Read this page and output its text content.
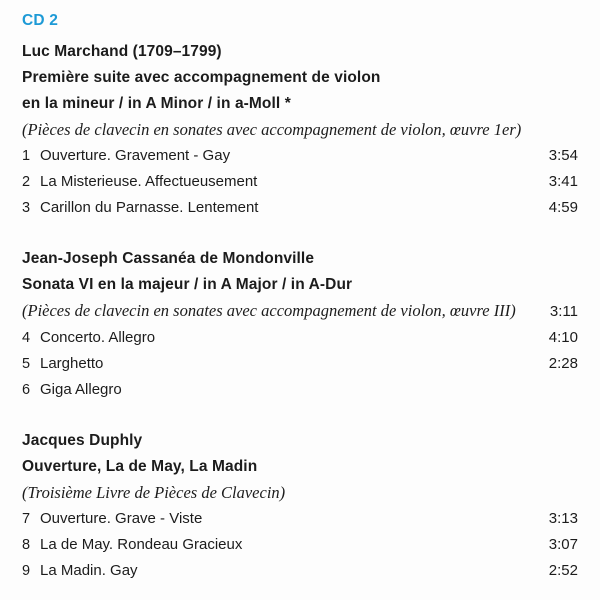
CD 2

Luc Marchand (1709–1799)

Première suite avec accompagnement de violon

en la mineur / in A Minor / in a-Moll *

(Pièces de clavecin en sonates avec accompagnement de violon, œuvre 1er)

1 Ouverture. Gravement - Gay	3:54
2 La Misterieuse. Affectueusement	3:41
3 Carillon du Parnasse. Lentement	4:59

Jean-Joseph Cassanéa de Mondonville

Sonata VI en la majeur / in A Major / in A-Dur

(Pièces de clavecin en sonates avec accompagnement de violon, œuvre III)	3:11

4 Concerto. Allegro	4:10
5 Larghetto	2:28
6 Giga Allegro

Jacques Duphly

Ouverture, La de May, La Madin

(Troisième Livre de Pièces de Clavecin)

7 Ouverture. Grave - Viste	3:13
8 La de May. Rondeau Gracieux	3:07
9 La Madin. Gay	2:52
